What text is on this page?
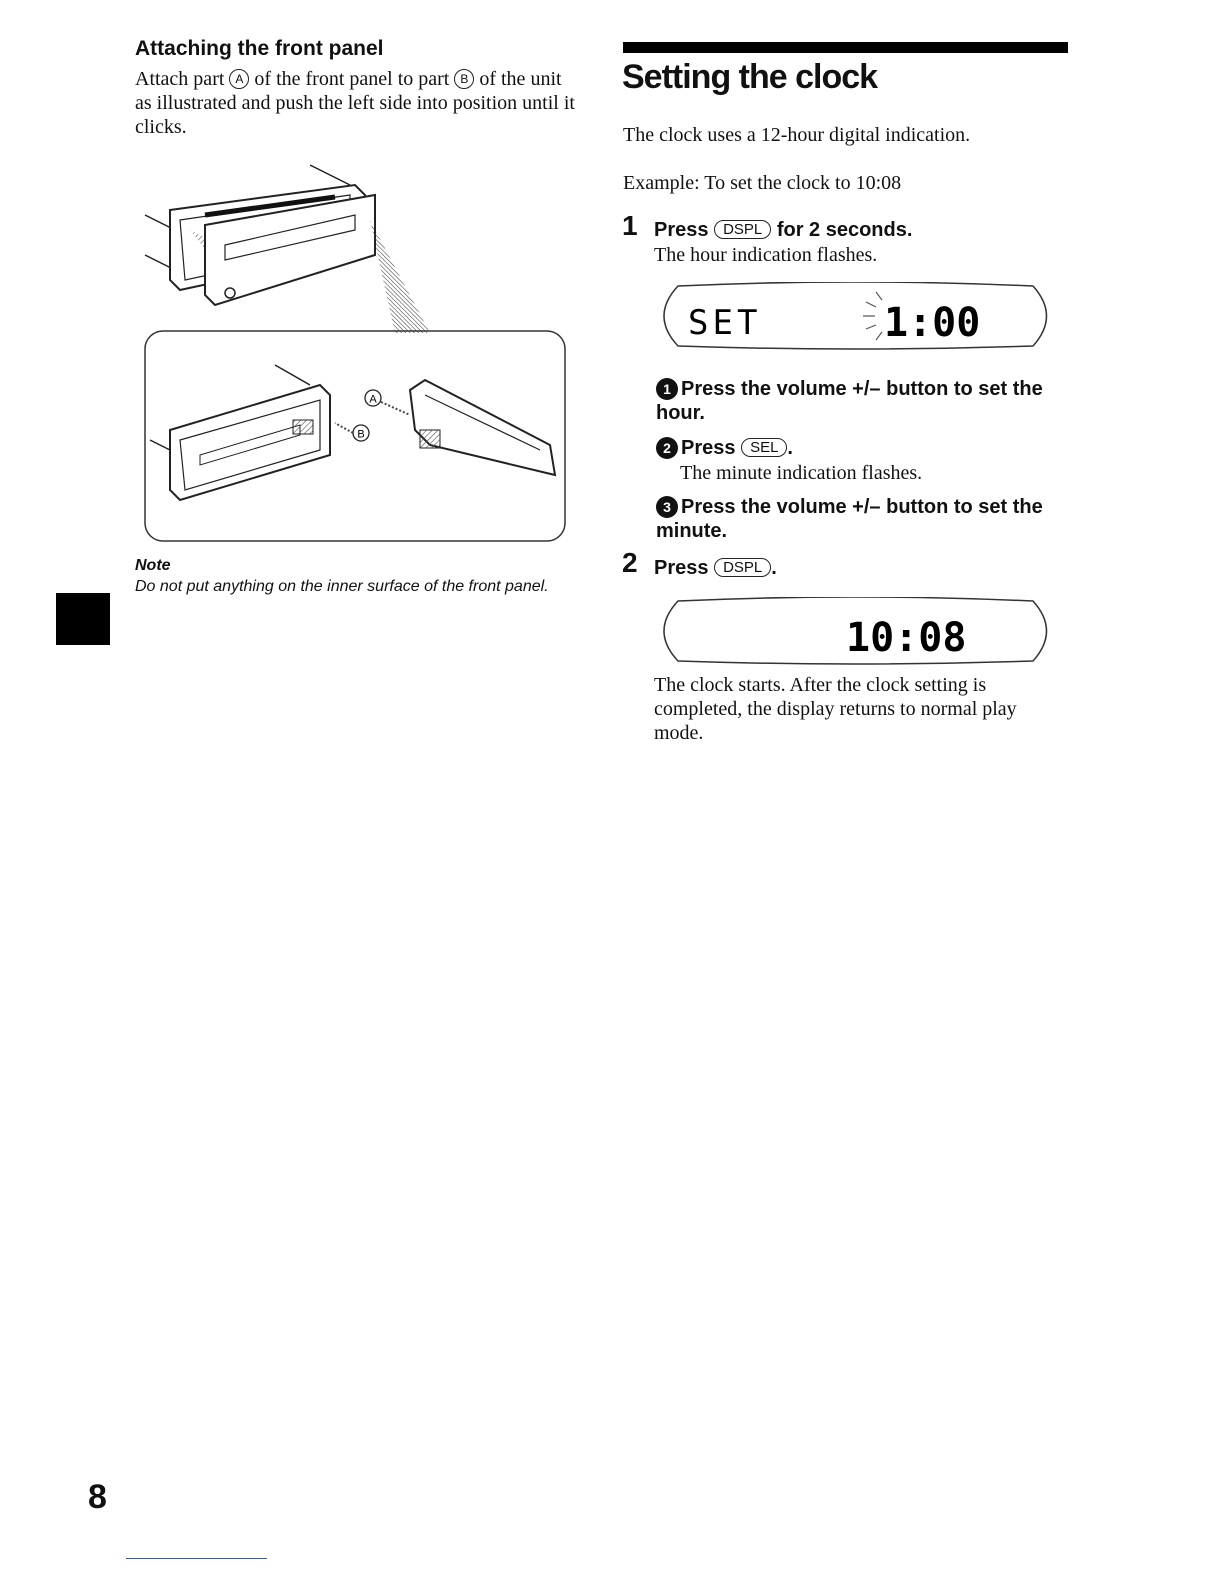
Attaching the front panel
Attach part A of the front panel to part B of the unit as illustrated and push the left side into position until it clicks.
A
B
Note
Do not put anything on the inner surface of the front panel.
Setting the clock
The clock uses a 12-hour digital indication.
Example: To set the clock to 10:08
1 Press DSPL for 2 seconds.
The hour indication flashes.
SET	1:00
1 Press the volume +/– button to set the hour.
2 Press SEL .
The minute indication flashes.
3 Press the volume +/– button to set the minute.
2 Press DSPL .
10:08
The clock starts. After the clock setting is completed, the display returns to normal play mode.
8
